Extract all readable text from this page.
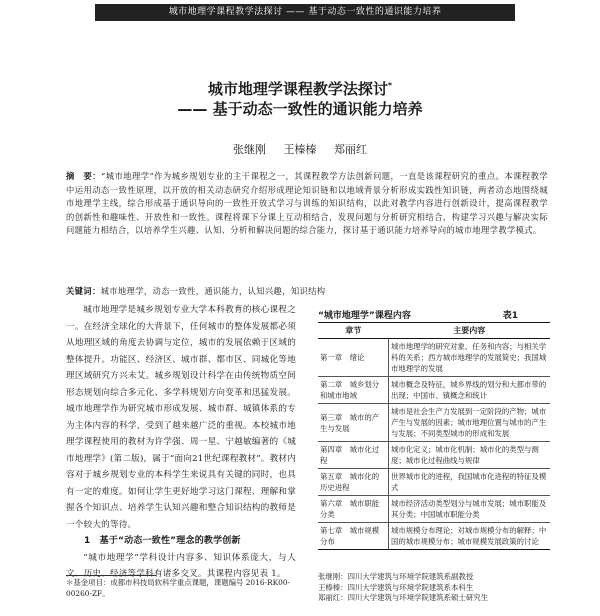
城市地理学课程教学法探讨 —— 基于动态一致性的通识能力培养
城市地理学课程教学法探讨*
—— 基于动态一致性的通识能力培养
张继刚 王榛榛 郑丽红
摘　要：“城市地理学”作为城乡规划专业的主干课程之一，其课程教学方法创新问题，一直是该课程研究的重点。本课程教学中运用动态一致性原理，以开放的相关动态研究介绍形成理论知识链和以地域背景分析形成实践性知识链，两者动态地围绕城市地理学主线，综合形成基于通识导向的一致性开放式学习与训练的知识结构，以此对教学内容进行创新设计，提高课程教学的创新性和趣味性、开放性和一致性。课程将课下分课上互动相结合，发现问题与分析研究相结合，构建学习兴趣与解决实际问题能力相结合，以培养学生兴趣、认知、分析和解决问题的综合能力，探讨基于通识能力培养导向的城市地理学教学模式。
关键词：城市地理学，动态一致性，通识能力，认知兴趣，知识结构

城市地理学是城乡规划专业大学本科教育的核心课程之一。在经济全球化的大背景下，任何城市的整体发展都必须从地理区域的角度去协调与定位，城市的发展依赖于区域的整体提升。功能区、经济区、城市群、都市区、同城化等地理区域研究方兴未艾。城乡规划设计科学在由传统物质空间形态规划向综合多元化、多学科规划方向变革和迅猛发展。城市地理学作为研究城市形成发展、城市群、城镇体系的专为主体内容的科学，受到了越来越广泛的重视。本校城市地理学课程使用的教材为许学强、周一星、宁越敏编著的《城市地理学》(第二版)，属于“面向21世纪课程教材”。教材内容对于城乡规划专业的本科学生来说具有关键的同时，也具有一定的难度。如何让学生更好地学习这门课程、理解和掌握各个知识点、培养学生认知兴趣和整合知识结构的教师是一个较大的等待。

1　基于“动态一致性”理念的教学创新

“城市地理学”学科设计内容多、知识体系庞大，与人文、历史、经济等学科有诸多交叉。其课程内容见表 1。

“城市地理学”课程内容	表1
章节	主要内容
第一章　绪论	城市地理学的研究对象、任务和内容；与相关学科的关系；西方城市地理学的发展简史；我国城市地理学的发展
第二章　城乡划分和城市地域	城市概念及特征，城乡界线的划分和大都市带的出现；中国市、镇概念和统计
第三章　城市的产生与发展	城市是社会生产力发展到一定阶段的产物；城市产生与发展的因素；城市地理位置与城市的产生与发展；不同类型城市的形成和发展
第四章　城市化过程	城市化定义；城市化机制；城市化的类型与测度；城市化过程曲线与规律
第五章　城市化的历史进程	世界城市化的进程，我国城市化进程的特征及模式
第六章　城市职能分类	城市经济活动类型划分与城市发展；城市职能及其分类；中国城市职能分类
第七章　城市规模分布	城市规模分布理论；对城市规模分布的解释；中国的城市规模分布；城市规模发展政策的讨论
＊基金项目：成都市科技局软科学重点课题，课题编号 2016-RK00-00260-ZF。
张继刚：四川大学建筑与环境学院建筑系副教授
王榛榛：四川大学建筑与环境学院建筑系本科生
郑丽红：四川大学建筑与环境学院建筑系硕士研究生
